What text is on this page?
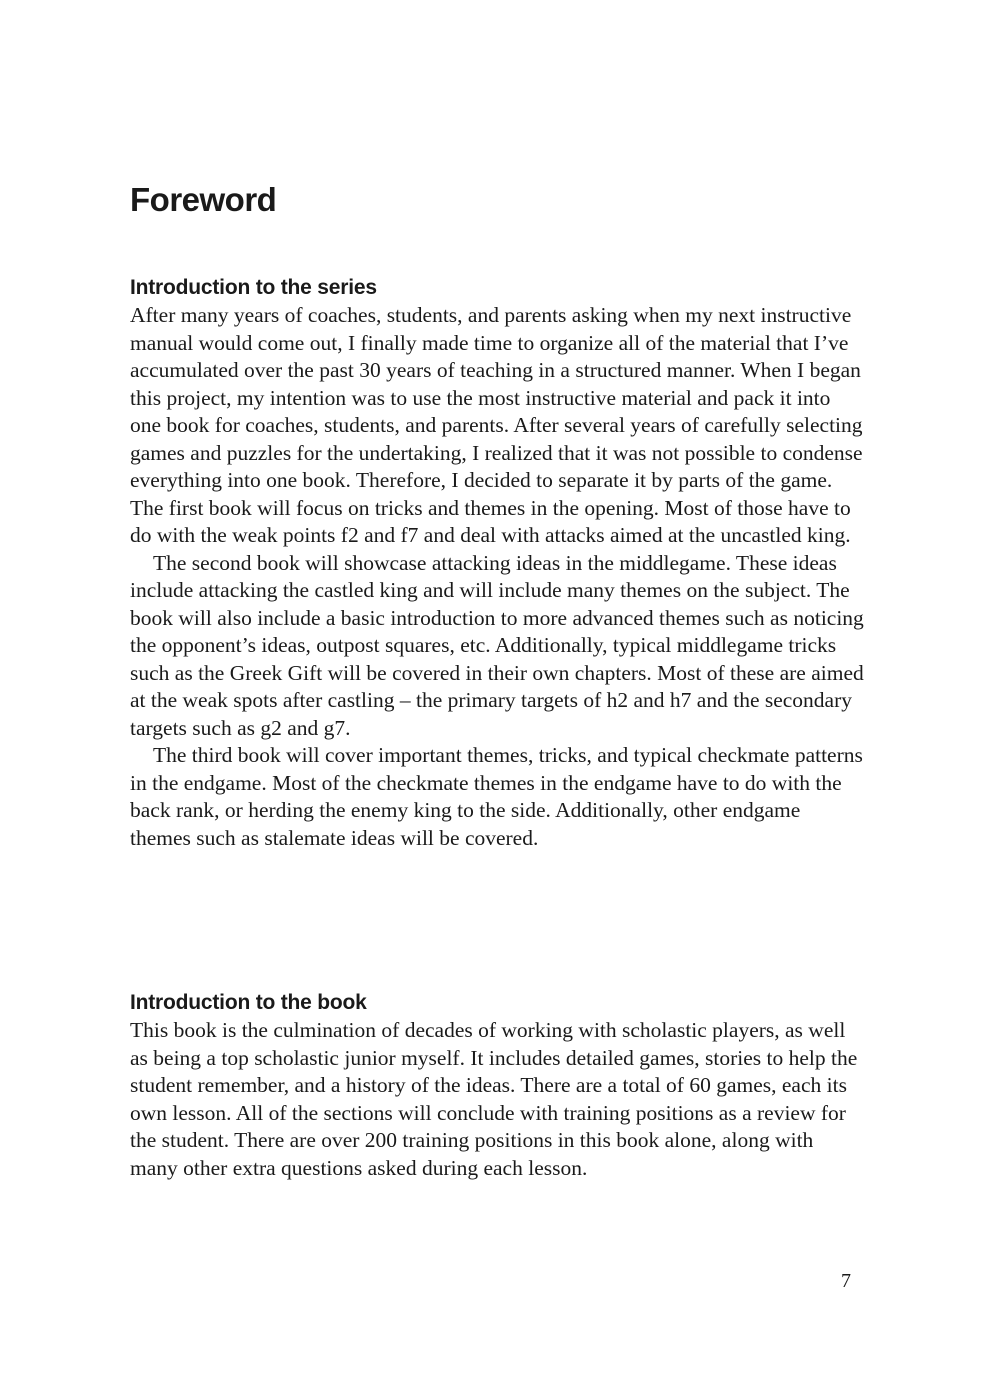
Foreword
Introduction to the series

After many years of coaches, students, and parents asking when my next instructive manual would come out, I finally made time to organize all of the material that I’ve accumulated over the past 30 years of teaching in a structured manner. When I began this project, my intention was to use the most instructive material and pack it into one book for coaches, students, and parents. After several years of carefully selecting games and puzzles for the undertaking, I realized that it was not possible to condense everything into one book. Therefore, I decided to separate it by parts of the game. The first book will focus on tricks and themes in the opening. Most of those have to do with the weak points f2 and f7 and deal with attacks aimed at the uncastled king.

The second book will showcase attacking ideas in the middlegame. These ideas include attacking the castled king and will include many themes on the subject. The book will also include a basic introduction to more advanced themes such as noticing the opponent’s ideas, outpost squares, etc. Additionally, typical middlegame tricks such as the Greek Gift will be covered in their own chapters. Most of these are aimed at the weak spots after castling – the primary targets of h2 and h7 and the secondary targets such as g2 and g7.

The third book will cover important themes, tricks, and typical checkmate patterns in the endgame. Most of the checkmate themes in the endgame have to do with the back rank, or herding the enemy king to the side. Additionally, other endgame themes such as stalemate ideas will be covered.

Introduction to the book

This book is the culmination of decades of working with scholastic players, as well as being a top scholastic junior myself. It includes detailed games, stories to help the student remember, and a history of the ideas. There are a total of 60 games, each its own lesson. All of the sections will conclude with training positions as a review for the student. There are over 200 training positions in this book alone, along with many other extra questions asked during each lesson.

7
